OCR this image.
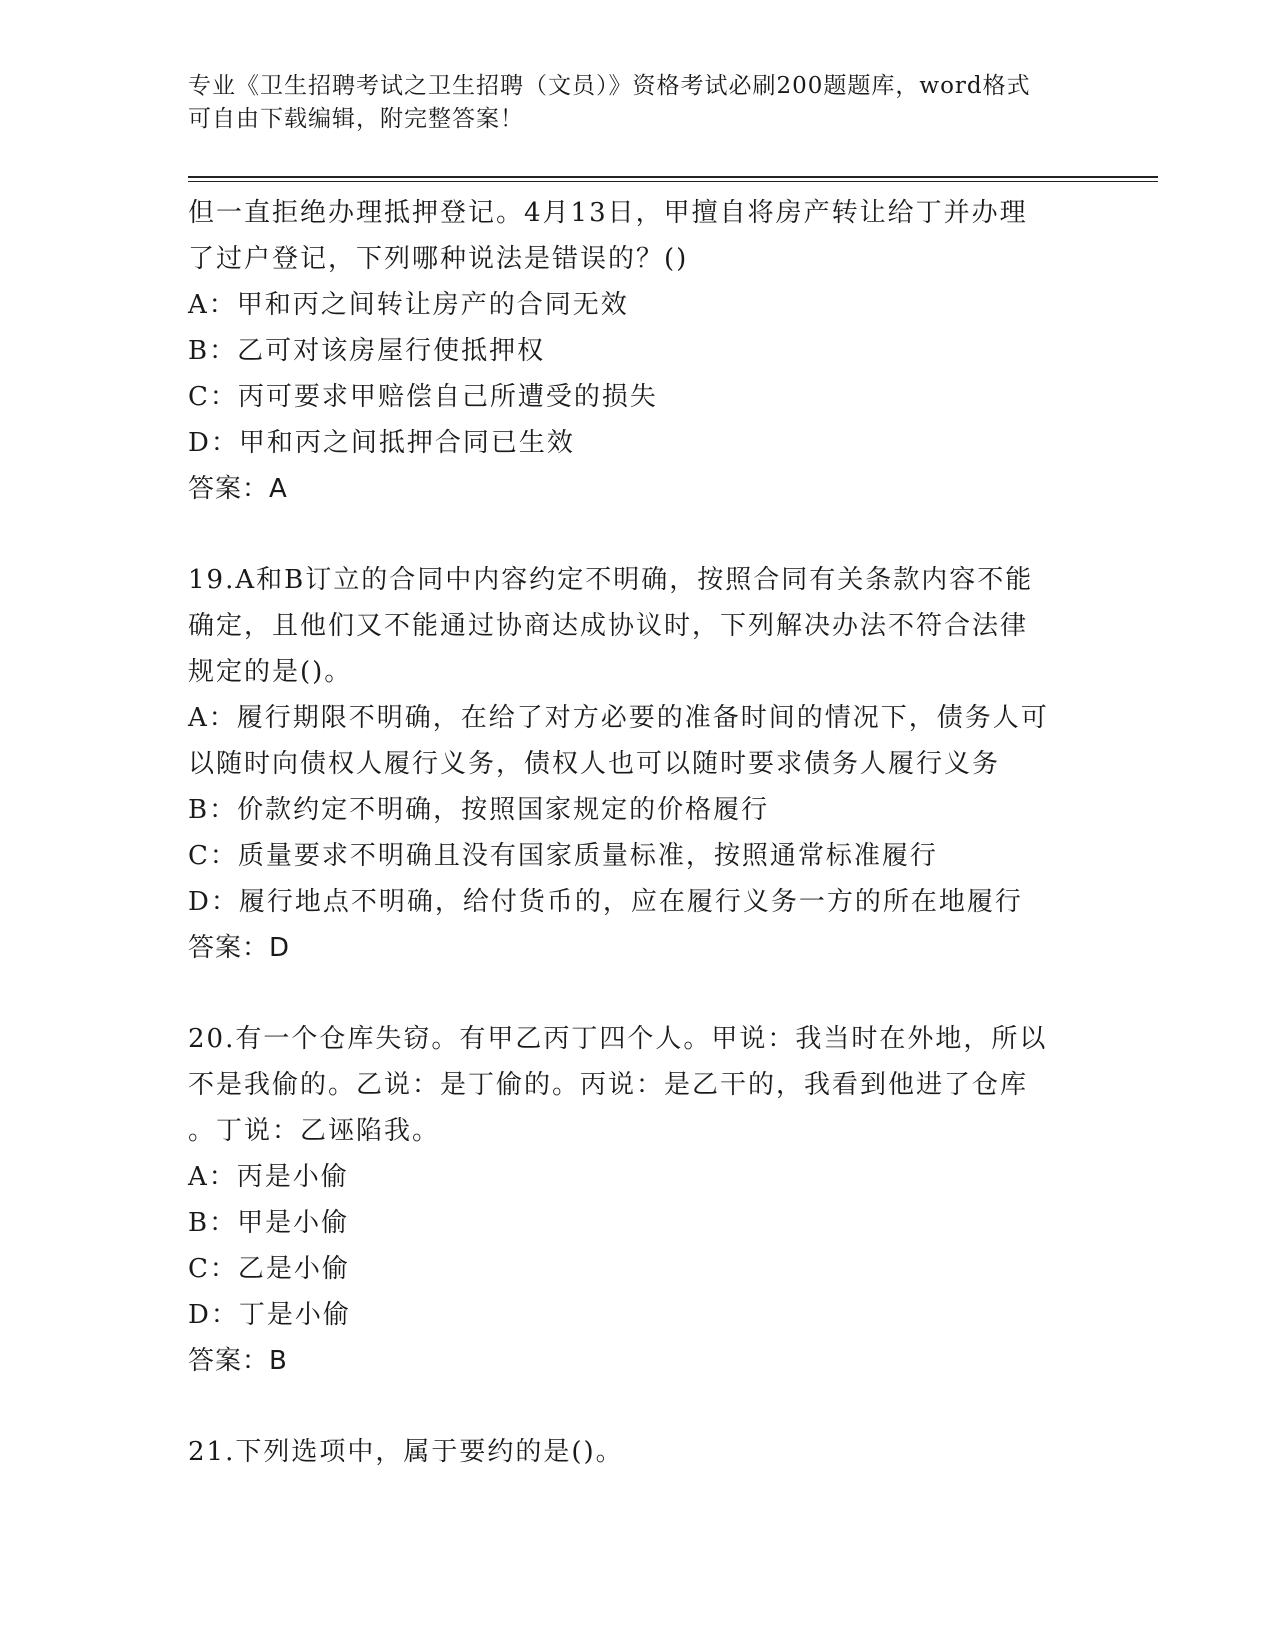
专业《卫生招聘考试之卫生招聘（文员）》资格考试必刷200题题库，word格式
可自由下载编辑，附完整答案！
但一直拒绝办理抵押登记。4月13日，甲擅自将房产转让给丁并办理
了过户登记，下列哪种说法是错误的？()
A：甲和丙之间转让房产的合同无效
B：乙可对该房屋行使抵押权
C：丙可要求甲赔偿自己所遭受的损失
D：甲和丙之间抵押合同已生效
答案：A
19.A和B订立的合同中内容约定不明确，按照合同有关条款内容不能
确定，且他们又不能通过协商达成协议时，下列解决办法不符合法律
规定的是()。
A：履行期限不明确，在给了对方必要的准备时间的情况下，债务人可
以随时向债权人履行义务，债权人也可以随时要求债务人履行义务
B：价款约定不明确，按照国家规定的价格履行
C：质量要求不明确且没有国家质量标准，按照通常标准履行
D：履行地点不明确，给付货币的，应在履行义务一方的所在地履行
答案：D
20.有一个仓库失窃。有甲乙丙丁四个人。甲说：我当时在外地，所以
不是我偷的。乙说：是丁偷的。丙说：是乙干的，我看到他进了仓库
。丁说：乙诬陷我。
A：丙是小偷
B：甲是小偷
C：乙是小偷
D：丁是小偷
答案：B
21.下列选项中，属于要约的是()。
